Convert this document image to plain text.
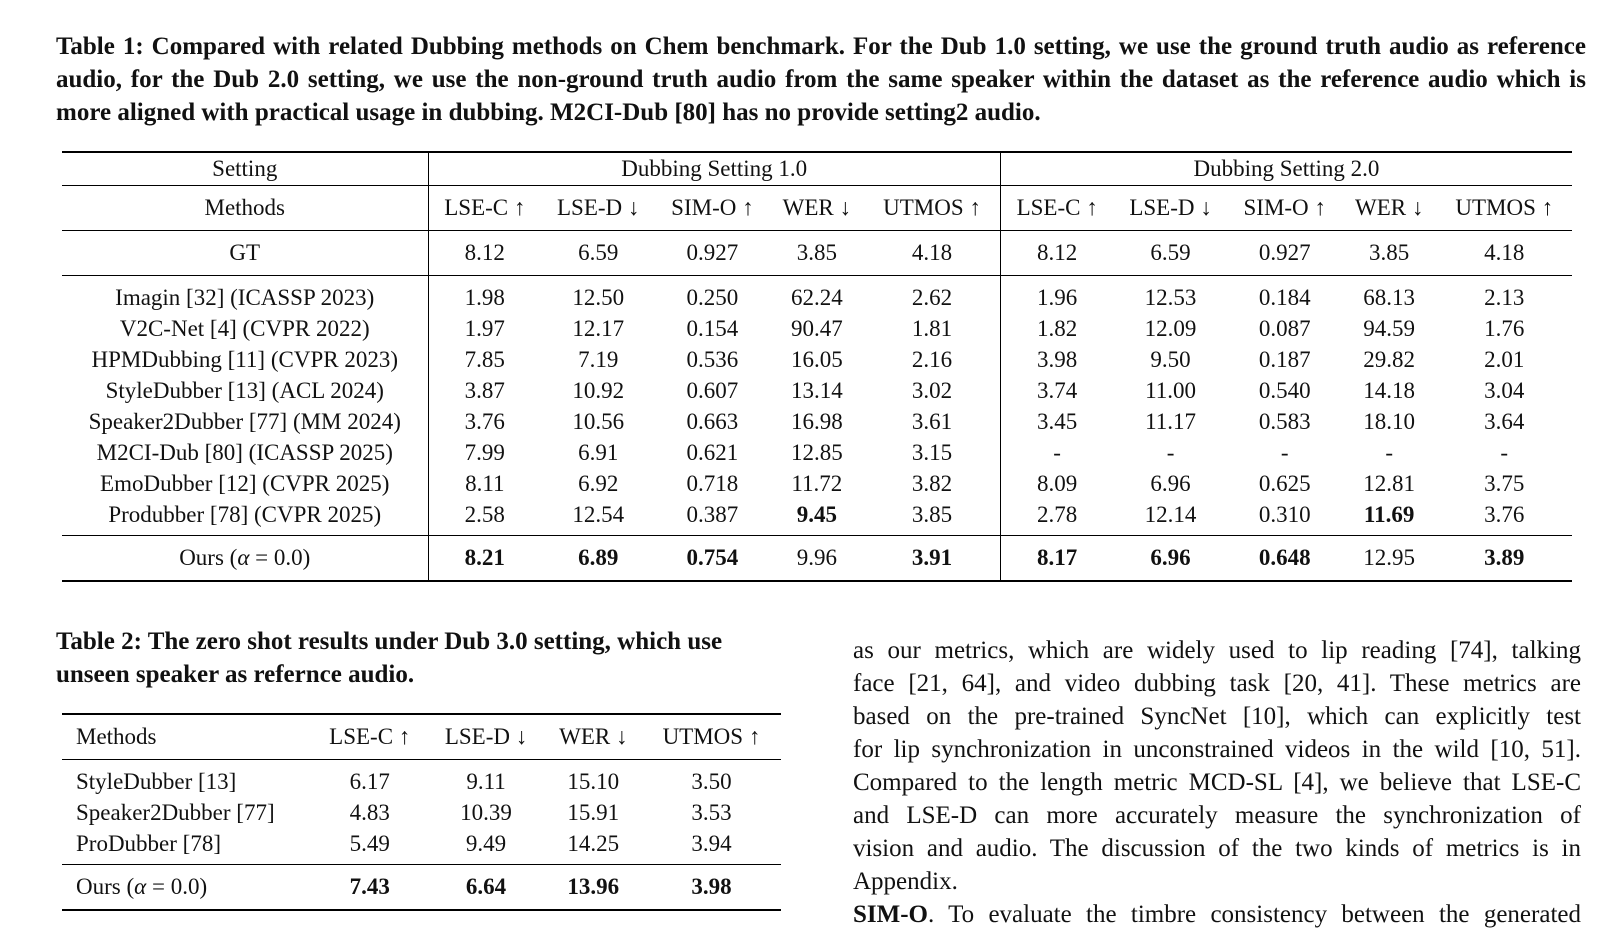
Table 1: Compared with related Dubbing methods on Chem benchmark. For the Dub 1.0 setting, we use the ground truth audio as reference audio, for the Dub 2.0 setting, we use the non-ground truth audio from the same speaker within the dataset as the reference audio which is more aligned with practical usage in dubbing. M2CI-Dub [80] has no provide setting2 audio.
Setting	Dubbing Setting 1.0					Dubbing Setting 2.0				
Methods	LSE-C ↑	LSE-D ↓	SIM-O ↑	WER ↓	UTMOS ↑	LSE-C ↑	LSE-D ↓	SIM-O ↑	WER ↓	UTMOS ↑
GT	8.12	6.59	0.927	3.85	4.18	8.12	6.59	0.927	3.85	4.18
Imagin [32] (ICASSP 2023)	1.98	12.50	0.250	62.24	2.62	1.96	12.53	0.184	68.13	2.13
V2C-Net [4] (CVPR 2022)	1.97	12.17	0.154	90.47	1.81	1.82	12.09	0.087	94.59	1.76
HPMDubbing [11] (CVPR 2023)	7.85	7.19	0.536	16.05	2.16	3.98	9.50	0.187	29.82	2.01
StyleDubber [13] (ACL 2024)	3.87	10.92	0.607	13.14	3.02	3.74	11.00	0.540	14.18	3.04
Speaker2Dubber [77] (MM 2024)	3.76	10.56	0.663	16.98	3.61	3.45	11.17	0.583	18.10	3.64
M2CI-Dub [80] (ICASSP 2025)	7.99	6.91	0.621	12.85	3.15	-	-	-	-	-
EmoDubber [12] (CVPR 2025)	8.11	6.92	0.718	11.72	3.82	8.09	6.96	0.625	12.81	3.75
Produbber [78] (CVPR 2025)	2.58	12.54	0.387	9.45	3.85	2.78	12.14	0.310	11.69	3.76
Ours (α = 0.0)	8.21	6.89	0.754	9.96	3.91	8.17	6.96	0.648	12.95	3.89
Table 2: The zero shot results under Dub 3.0 setting, which use unseen speaker as refernce audio.
Methods	LSE-C ↑	LSE-D ↓	WER ↓	UTMOS ↑
StyleDubber [13]	6.17	9.11	15.10	3.50
Speaker2Dubber [77]	4.83	10.39	15.91	3.53
ProDubber [78]	5.49	9.49	14.25	3.94
Ours (α = 0.0)	7.43	6.64	13.96	3.98

as our metrics, which are widely used to lip reading [74], talking

face [21, 64], and video dubbing task [20, 41]. These metrics are

based on the pre-trained SyncNet [10], which can explicitly test

for lip synchronization in unconstrained videos in the wild [10, 51].

Compared to the length metric MCD-SL [4], we believe that LSE-C

and LSE-D can more accurately measure the synchronization of

vision and audio. The discussion of the two kinds of metrics is in

Appendix.

SIM-O. To evaluate the timbre consistency between the generated
